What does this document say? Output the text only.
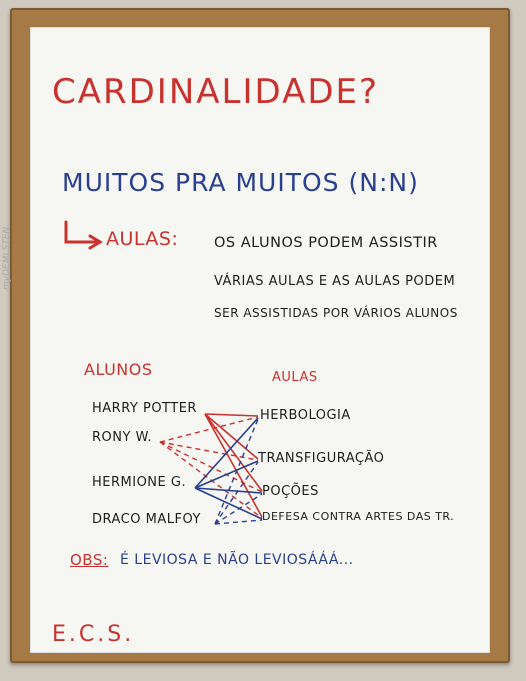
myDEMLSTEN
CARDINALIDADE?
MUITOS PRA MUITOS (N:N)
AULAS: OS ALUNOS PODEM ASSISTIR
VÁRIAS AULAS E AS AULAS PODEM
SER ASSISTIDAS POR VÁRIOS ALUNOS
ALUNOS	AULAS
HARRY POTTER
RONY W.
HERMIONE G.
DRACO MALFOY
HERBOLOGIA
TRANSFIGURAÇÃO
POÇÕES
DEFESA CONTRA ARTES DAS TR.
OBS: É LEVIOSA E NÃO LEVIOSÁÁÁ...
E.C.S.
